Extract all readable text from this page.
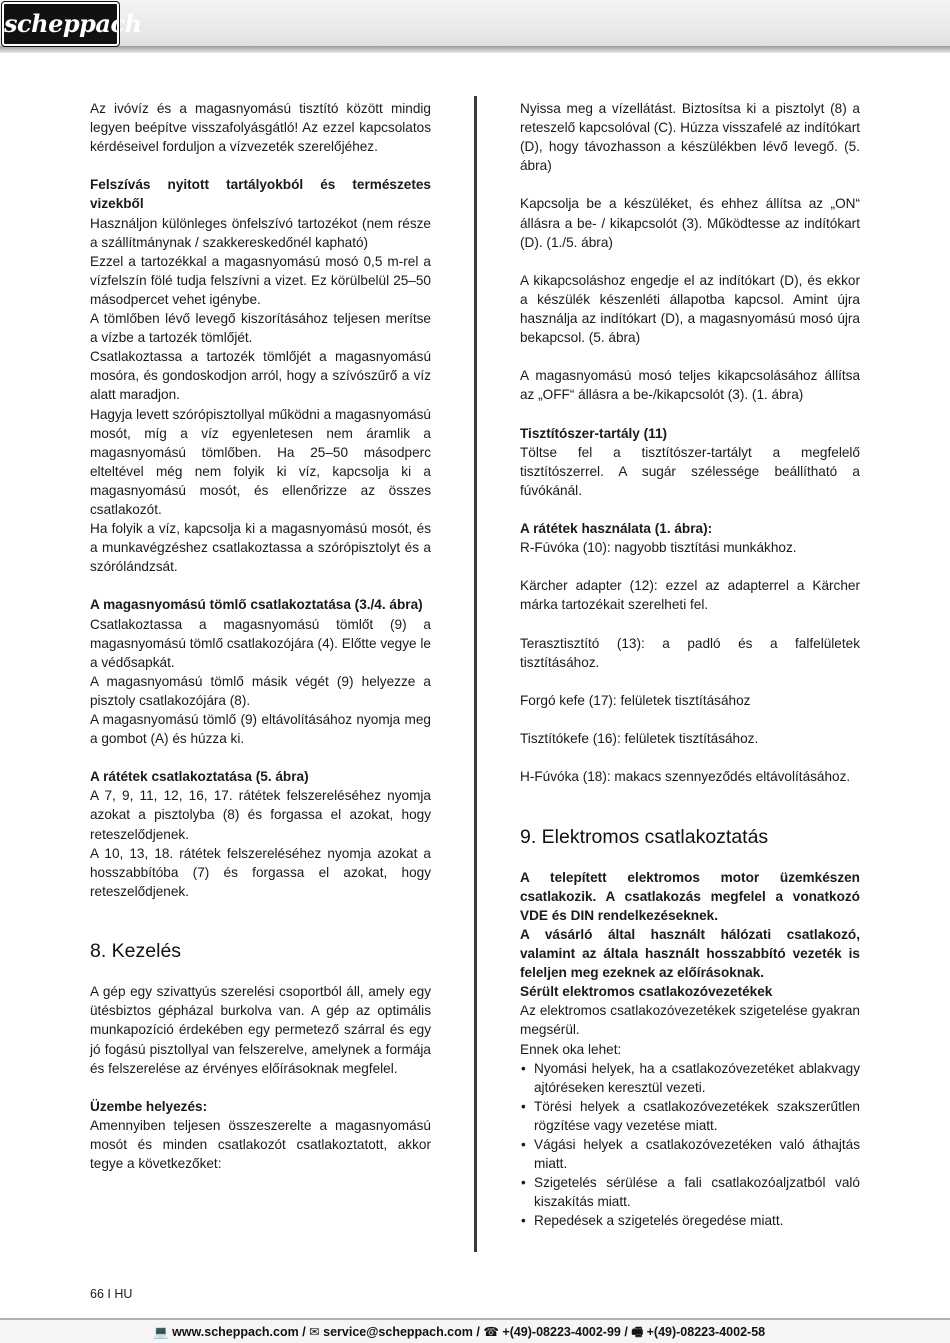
scheppach

Az ivóvíz és a magasnyomású tisztító között mindig legyen beépítve visszafolyásgátló! Az ezzel kapcsolatos kérdéseivel forduljon a vízvezeték szerelőjéhez.

Felszívás nyitott tartályokból és természetes vizekből

Használjon különleges önfelszívó tartozékot (nem része a szállítmánynak / szakkereskedőnél kapható)

Ezzel a tartozékkal a magasnyomású mosó 0,5 m-rel a vízfelszín fölé tudja felszívni a vizet. Ez körülbelül 25–50 másodpercet vehet igénybe.

A tömlőben lévő levegő kiszorításához teljesen merítse a vízbe a tartozék tömlőjét.

Csatlakoztassa a tartozék tömlőjét a magasnyomású mosóra, és gondoskodjon arról, hogy a szívószűrő a víz alatt maradjon.

Hagyja levett szórópisztollyal működni a magasnyomású mosót, míg a víz egyenletesen nem áramlik a magasnyomású tömlőben. Ha 25–50 másodperc elteltével még nem folyik ki víz, kapcsolja ki a magasnyomású mosót, és ellenőrizze az összes csatlakozót.

Ha folyik a víz, kapcsolja ki a magasnyomású mosót, és a munkavégzéshez csatlakoztassa a szórópisztolyt és a szórólándzsát.

A magasnyomású tömlő csatlakoztatása (3./4. ábra)

Csatlakoztassa a magasnyomású tömlőt (9) a magasnyomású tömlő csatlakozójára (4). Előtte vegye le a védősapkát.

A magasnyomású tömlő másik végét (9) helyezze a pisztoly csatlakozójára (8).

A magasnyomású tömlő (9) eltávolításához nyomja meg a gombot (A) és húzza ki.

A rátétek csatlakoztatása (5. ábra)

A 7, 9, 11, 12, 16, 17. rátétek felszereléséhez nyomja azokat a pisztolyba (8) és forgassa el azokat, hogy reteszelődjenek.

A 10, 13, 18. rátétek felszereléséhez nyomja azokat a hosszabbítóba (7) és forgassa el azokat, hogy reteszelődjenek.

8. Kezelés

A gép egy szivattyús szerelési csoportból áll, amely egy ütésbiztos gépházal burkolva van. A gép az optimális munkapozíció érdekében egy permetező szárral és egy jó fogású pisztollyal van felszerelve, amelynek a formája és felszerelése az érvényes előírásoknak megfelel.

Üzembe helyezés:

Amennyiben teljesen összeszerelte a magasnyomású mosót és minden csatlakozót csatlakoztatott, akkor tegye a következőket:

Nyissa meg a vízellátást. Biztosítsa ki a pisztolyt (8) a reteszelő kapcsolóval (C). Húzza visszafelé az indítókart (D), hogy távozhasson a készülékben lévő levegő. (5. ábra)

Kapcsolja be a készüléket, és ehhez állítsa az „ON“ állásra a be- / kikapcsolót (3). Működtesse az indítókart (D). (1./5. ábra)

A kikapcsoláshoz engedje el az indítókart (D), és ekkor a készülék készenléti állapotba kapcsol. Amint újra használja az indítókart (D), a magasnyomású mosó újra bekapcsol. (5. ábra)

A magasnyomású mosó teljes kikapcsolásához állítsa az „OFF“ állásra a be-/kikapcsolót (3). (1. ábra)

Tisztítószer-tartály (11)

Töltse fel a tisztítószer-tartályt a megfelelő tisztítószerrel. A sugár szélessége beállítható a fúvókánál.

A rátétek használata (1. ábra):

R-Fúvóka (10): nagyobb tisztítási munkákhoz.

Kärcher adapter (12): ezzel az adapterrel a Kärcher márka tartozékait szerelheti fel.

Terasztisztító (13): a padló és a falfelületek tisztításához.

Forgó kefe (17): felületek tisztításához

Tisztítókefe (16): felületek tisztításához.

H-Fúvóka (18): makacs szennyeződés eltávolításához.

9. Elektromos csatlakoztatás

A telepített elektromos motor üzemkészen csatlakozik. A csatlakozás megfelel a vonatkozó VDE és DIN rendelkezéseknek.

A vásárló által használt hálózati csatlakozó, valamint az általa használt hosszabbító vezeték is feleljen meg ezeknek az előírásoknak.

Sérült elektromos csatlakozóvezetékek

Az elektromos csatlakozóvezetékek szigetelése gyakran megsérül.

Ennek oka lehet:

• Nyomási helyek, ha a csatlakozóvezetéket ablakvagy ajtóréseken keresztül vezeti.
• Törési helyek a csatlakozóvezetékek szakszerűtlen rögzítése vagy vezetése miatt.
• Vágási helyek a csatlakozóvezetéken való áthajtás miatt.
• Szigetelés sérülése a fali csatlakozóaljzatból való kiszakítás miatt.
• Repedések a szigetelés öregedése miatt.
66 I HU
💻 www.scheppach.com / ✉ service@scheppach.com / ☎ +(49)-08223-4002-99 / 🖷 +(49)-08223-4002-58
